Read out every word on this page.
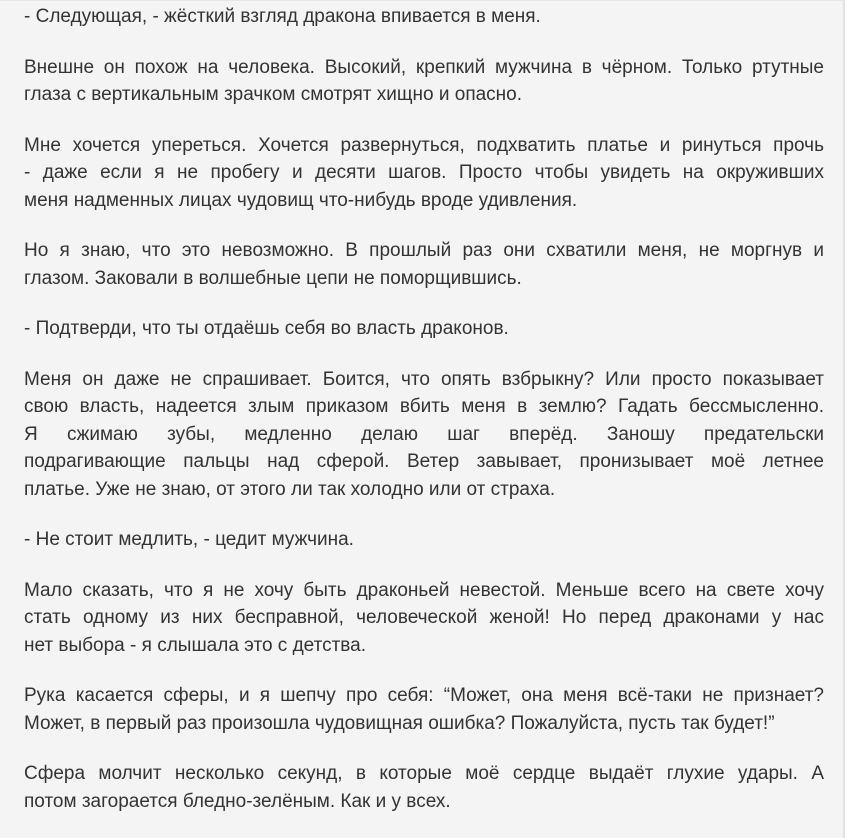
- Следующая, - жёсткий взгляд дракона впивается в меня.
Внешне он похож на человека. Высокий, крепкий мужчина в чёрном. Только ртутные
глаза с вертикальным зрачком смотрят хищно и опасно.
Мне хочется упереться. Хочется развернуться, подхватить платье и ринуться прочь
- даже если я не пробегу и десяти шагов. Просто чтобы увидеть на окруживших
меня надменных лицах чудовищ что-нибудь вроде удивления.
Но я знаю, что это невозможно. В прошлый раз они схватили меня, не моргнув и
глазом. Заковали в волшебные цепи не поморщившись.
- Подтверди, что ты отдаёшь себя во власть драконов.
Меня он даже не спрашивает. Боится, что опять взбрыкну? Или просто показывает
свою власть, надеется злым приказом вбить меня в землю? Гадать бессмысленно.
Я сжимаю зубы, медленно делаю шаг вперёд. Заношу предательски
подрагивающие пальцы над сферой. Ветер завывает, пронизывает моё летнее
платье. Уже не знаю, от этого ли так холодно или от страха.
- Не стоит медлить, - цедит мужчина.
Мало сказать, что я не хочу быть драконьей невестой. Меньше всего на свете хочу
стать одному из них бесправной, человеческой женой! Но перед драконами у нас
нет выбора - я слышала это с детства.
Рука касается сферы, и я шепчу про себя: “Может, она меня всё-таки не признает?
Может, в первый раз произошла чудовищная ошибка? Пожалуйста, пусть так будет!”
Сфера молчит несколько секунд, в которые моё сердце выдаёт глухие удары. А
потом загорается бледно-зелёным. Как и у всех.
